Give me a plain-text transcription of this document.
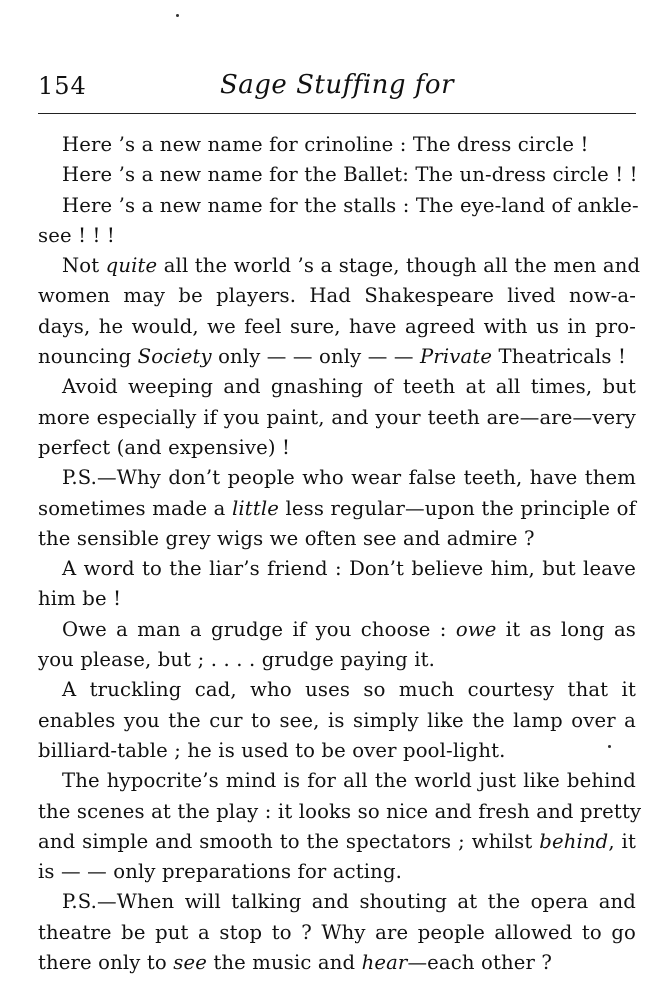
154	Sage Stuffing for
Here ’s a new name for crinoline : The dress circle !
Here ’s a new name for the Ballet: The un-dress circle ! !
Here ’s a new name for the stalls : The eye-land of ankle-
see ! ! !
Not quite all the world ’s a stage, though all the men and
women may be players. Had Shakespeare lived now-a-
days, he would, we feel sure, have agreed with us in pro-
nouncing Society only — — only — — Private Theatricals !
Avoid weeping and gnashing of teeth at all times, but
more especially if you paint, and your teeth are—are—very
perfect (and expensive) !
P.S.—Why don’t people who wear false teeth, have them
sometimes made a little less regular—upon the principle of
the sensible grey wigs we often see and admire ?
A word to the liar’s friend : Don’t believe him, but leave
him be !
Owe a man a grudge if you choose : owe it as long as
you please, but ; . . . . grudge paying it.
A truckling cad, who uses so much courtesy that it
enables you the cur to see, is simply like the lamp over a
billiard-table ; he is used to be over pool-light.
The hypocrite’s mind is for all the world just like behind
the scenes at the play : it looks so nice and fresh and pretty
and simple and smooth to the spectators ; whilst behind, it
is — — only preparations for acting.
P.S.—When will talking and shouting at the opera and
theatre be put a stop to ? Why are people allowed to go
there only to see the music and hear—each other ?
